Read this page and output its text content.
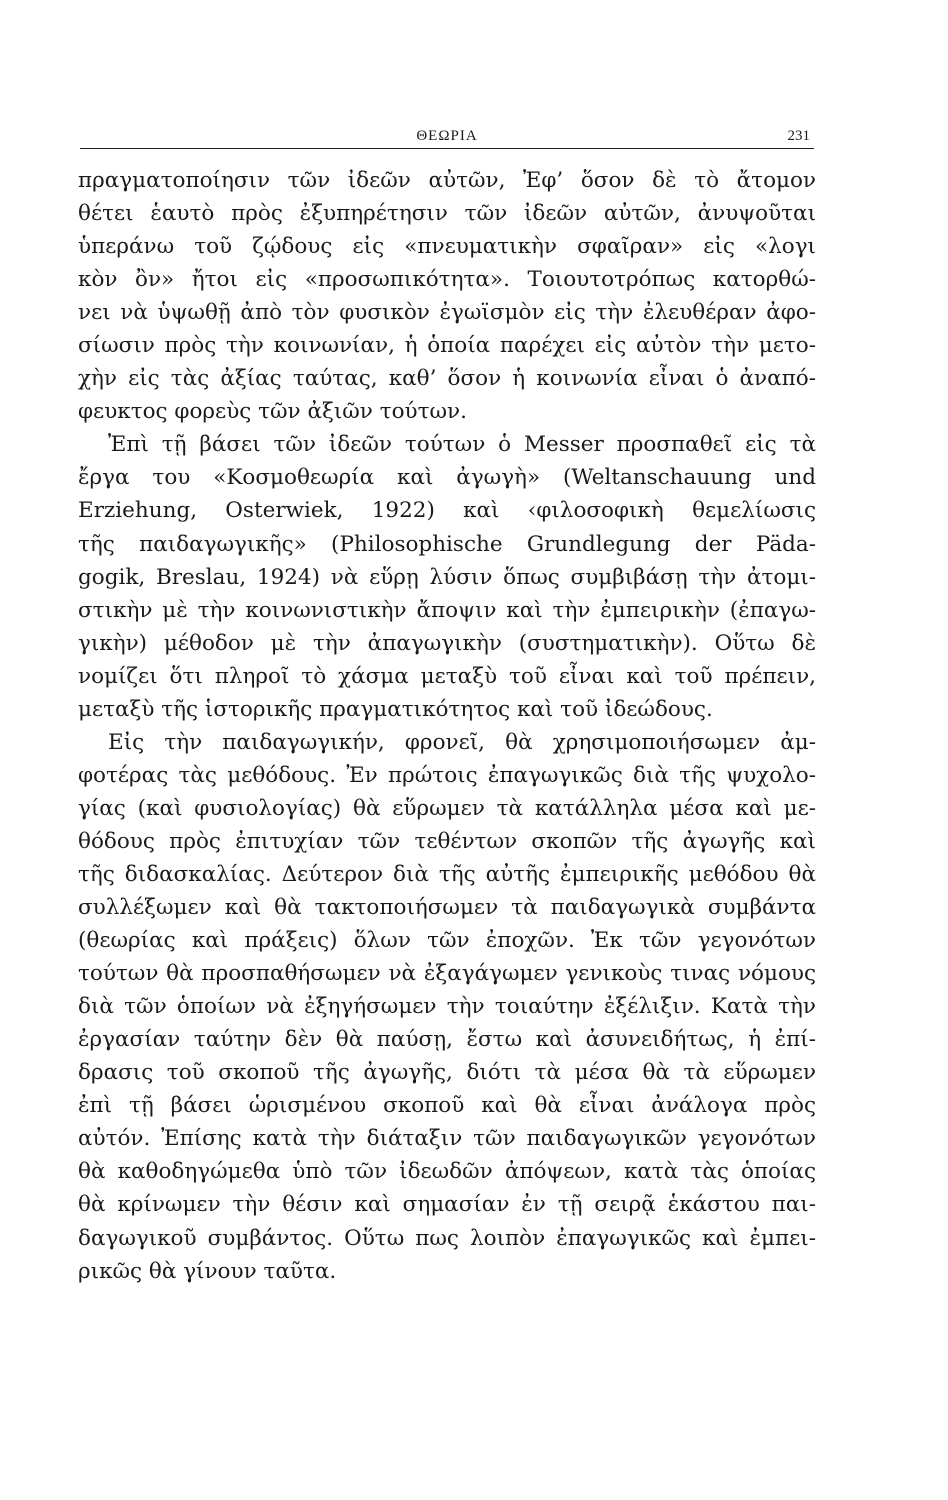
ΘΕΩΡΙΑ	231
πραγματοποίησιν τῶν ἰδεῶν αὐτῶν, Ἐφ’ ὅσον δὲ τὸ ἄτομον
θέτει ἑαυτὸ πρὸς ἐξυπηρέτησιν τῶν ἰδεῶν αὐτῶν, ἀνυψοῦται
ὑπεράνω τοῦ ζῴδους εἰς «πνευματικὴν σφαῖραν» εἰς «λογι
κὸν ὂν» ἤτοι εἰς «προσωπικότητα». Τοιουτοτρόπως κατορθώ-
νει νὰ ὑψωθῇ ἀπὸ τὸν φυσικὸν ἐγωϊσμὸν εἰς τὴν ἐλευθέραν ἀφο-
σίωσιν πρὸς τὴν κοινωνίαν, ἡ ὁποία παρέχει εἰς αὐτὸν τὴν μετο-
χὴν εἰς τὰς ἀξίας ταύτας, καθ’ ὅσον ἡ κοινωνία εἶναι ὁ ἀναπό-
φευκτος φορεὺς τῶν ἀξιῶν τούτων.
Ἐπὶ τῇ βάσει τῶν ἰδεῶν τούτων ὁ Messer προσπαθεῖ εἰς τὰ
ἔργα του «Κοσμοθεωρία καὶ ἀγωγὴ» (Weltanschauung und
Erziehung, Osterwiek, 1922) καὶ ‹φιλοσοφικὴ θεμελίωσις
τῆς παιδαγωγικῆς» (Philosophische Grundlegung der Päda-
gogik, Breslau, 1924) νὰ εὕρῃ λύσιν ὅπως συμβιβάσῃ τὴν ἀτομι-
στικὴν μὲ τὴν κοινωνιστικὴν ἄποψιν καὶ τὴν ἐμπειρικὴν (ἐπαγω-
γικὴν) μέθοδον μὲ τὴν ἀπαγωγικὴν (συστηματικὴν). Οὕτω δὲ
νομίζει ὅτι πληροῖ τὸ χάσμα μεταξὺ τοῦ εἶναι καὶ τοῦ πρέπειν,
μεταξὺ τῆς ἱστορικῆς πραγματικότητος καὶ τοῦ ἰδεώδους.
Εἰς τὴν παιδαγωγικήν, φρονεῖ, θὰ χρησιμοποιήσωμεν ἀμ-
φοτέρας τὰς μεθόδους. Ἐν πρώτοις ἐπαγωγικῶς διὰ τῆς ψυχολο-
γίας (καὶ φυσιολογίας) θὰ εὕρωμεν τὰ κατάλληλα μέσα καὶ με-
θόδους πρὸς ἐπιτυχίαν τῶν τεθέντων σκοπῶν τῆς ἀγωγῆς καὶ
τῆς διδασκαλίας. Δεύτερον διὰ τῆς αὐτῆς ἐμπειρικῆς μεθόδου θὰ
συλλέξωμεν καὶ θὰ τακτοποιήσωμεν τὰ παιδαγωγικὰ συμβάντα
(θεωρίας καὶ πράξεις) ὅλων τῶν ἐποχῶν. Ἐκ τῶν γεγονότων
τούτων θὰ προσπαθήσωμεν νὰ ἐξαγάγωμεν γενικοὺς τινας νόμους
διὰ τῶν ὁποίων νὰ ἐξηγήσωμεν τὴν τοιαύτην ἐξέλιξιν. Κατὰ τὴν
ἐργασίαν ταύτην δὲν θὰ παύσῃ, ἔστω καὶ ἀσυνειδήτως, ἡ ἐπί-
δρασις τοῦ σκοποῦ τῆς ἀγωγῆς, διότι τὰ μέσα θὰ τὰ εὕρωμεν
ἐπὶ τῇ βάσει ὡρισμένου σκοποῦ καὶ θὰ εἶναι ἀνάλογα πρὸς
αὐτόν. Ἐπίσης κατὰ τὴν διάταξιν τῶν παιδαγωγικῶν γεγονότων
θὰ καθοδηγώμεθα ὑπὸ τῶν ἰδεωδῶν ἀπόψεων, κατὰ τὰς ὁποίας
θὰ κρίνωμεν τὴν θέσιν καὶ σημασίαν ἐν τῇ σειρᾷ ἑκάστου παι-
δαγωγικοῦ συμβάντος. Οὕτω πως λοιπὸν ἐπαγωγικῶς καὶ ἐμπει-
ρικῶς θὰ γίνουν ταῦτα.
